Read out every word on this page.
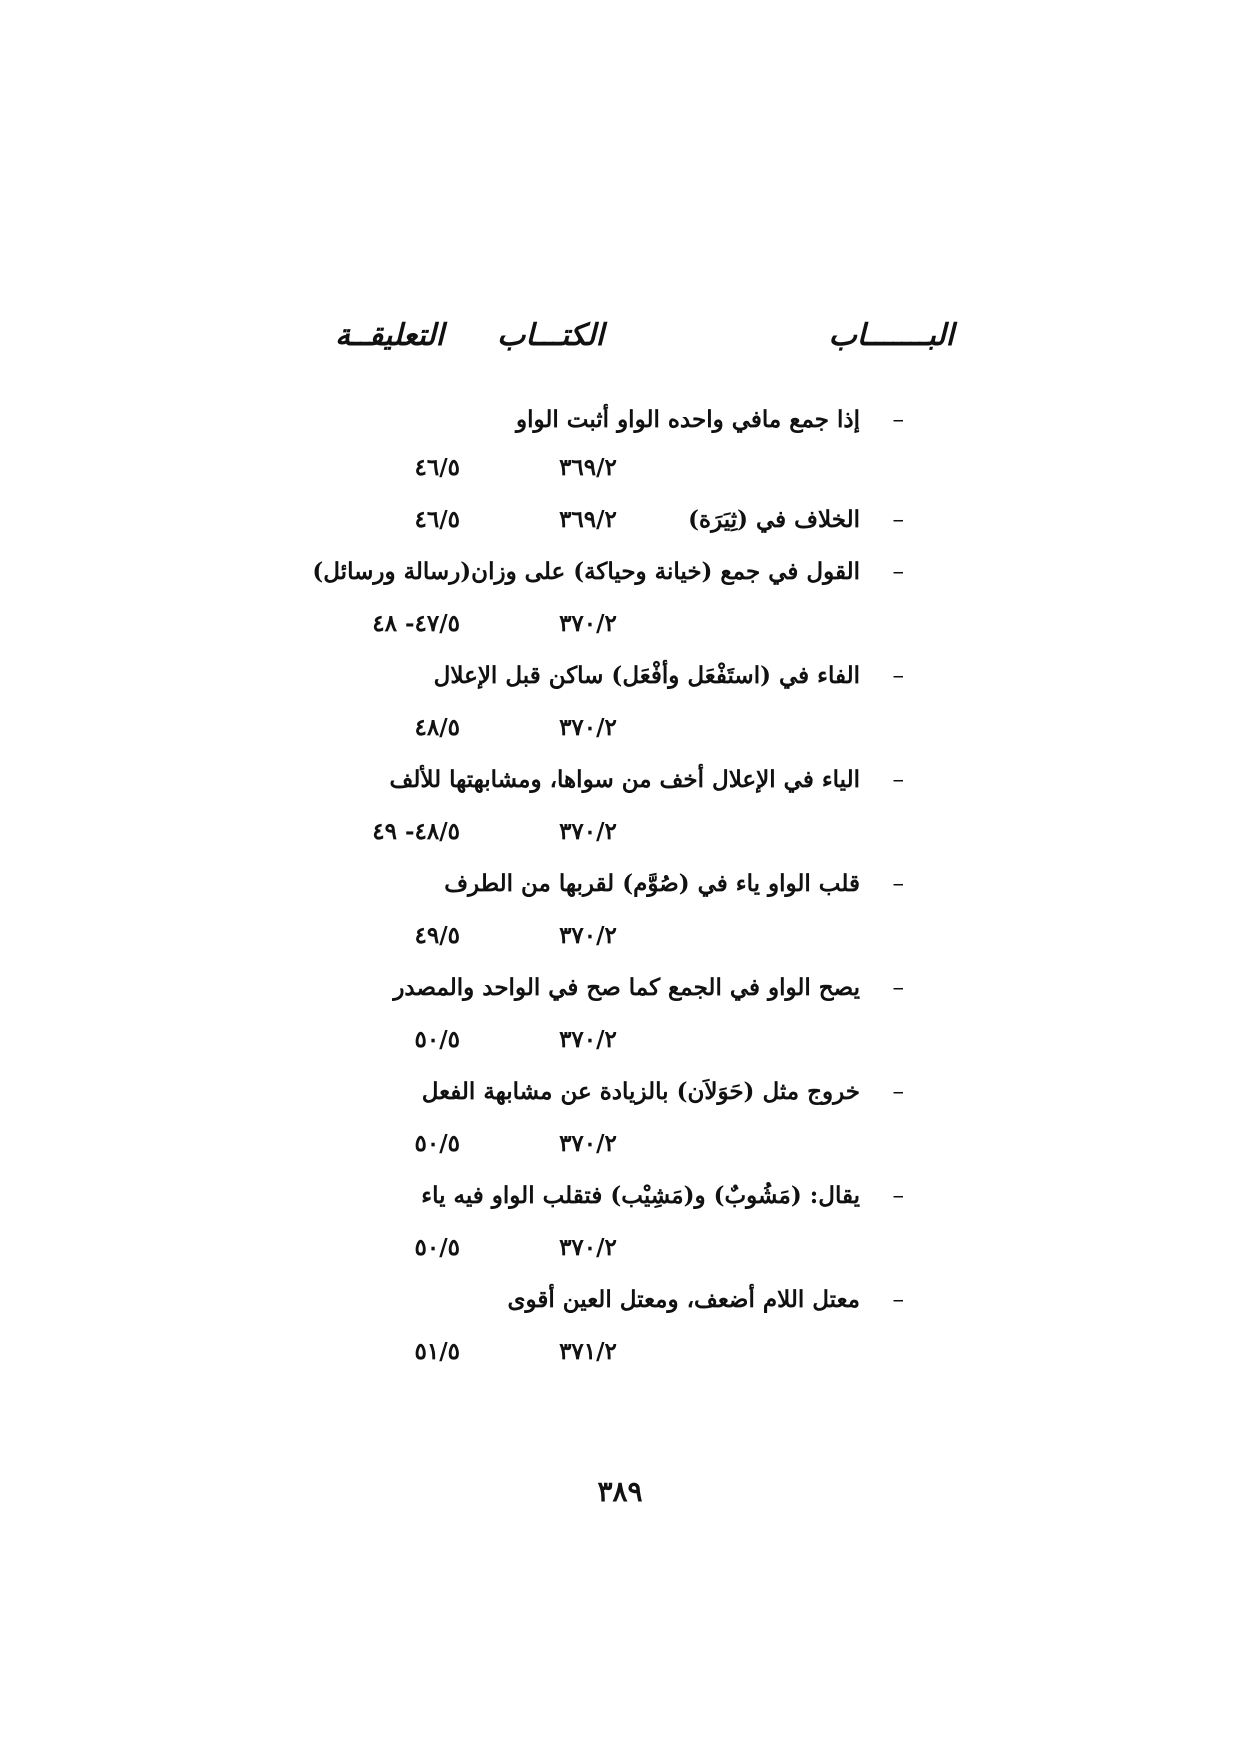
البـــــــاب
الكتـــاب
التعليقــة
–
إذا جمع مافي واحده الواو أثبت الواو
٣٦٩/٢
٤٦/٥
–
الخلاف في (ثِيَرَة)
٣٦٩/٢
٤٦/٥
–
القول في جمع (خيانة وحياكة) على وزان(رسالة ورسائل)
٣٧٠/٢
٤٧/٥- ٤٨
–
الفاء في (استَفْعَل وأفْعَل) ساكن قبل الإعلال
٣٧٠/٢
٤٨/٥
–
الياء في الإعلال أخف من سواها، ومشابهتها للألف
٣٧٠/٢
٤٨/٥- ٤٩
–
قلب الواو ياء في (صُوَّم) لقربها من الطرف
٣٧٠/٢
٤٩/٥
–
يصح الواو في الجمع كما صح في الواحد والمصدر
٣٧٠/٢
٥٠/٥
–
خروج مثل (حَوَلاَن) بالزيادة عن مشابهة الفعل
٣٧٠/٢
٥٠/٥
–
يقال: (مَشُوبٌ) و(مَشِيْب) فتقلب الواو فيه ياء
٣٧٠/٢
٥٠/٥
–
معتل اللام أضعف، ومعتل العين أقوى
٣٧١/٢
٥١/٥
٣٨٩
